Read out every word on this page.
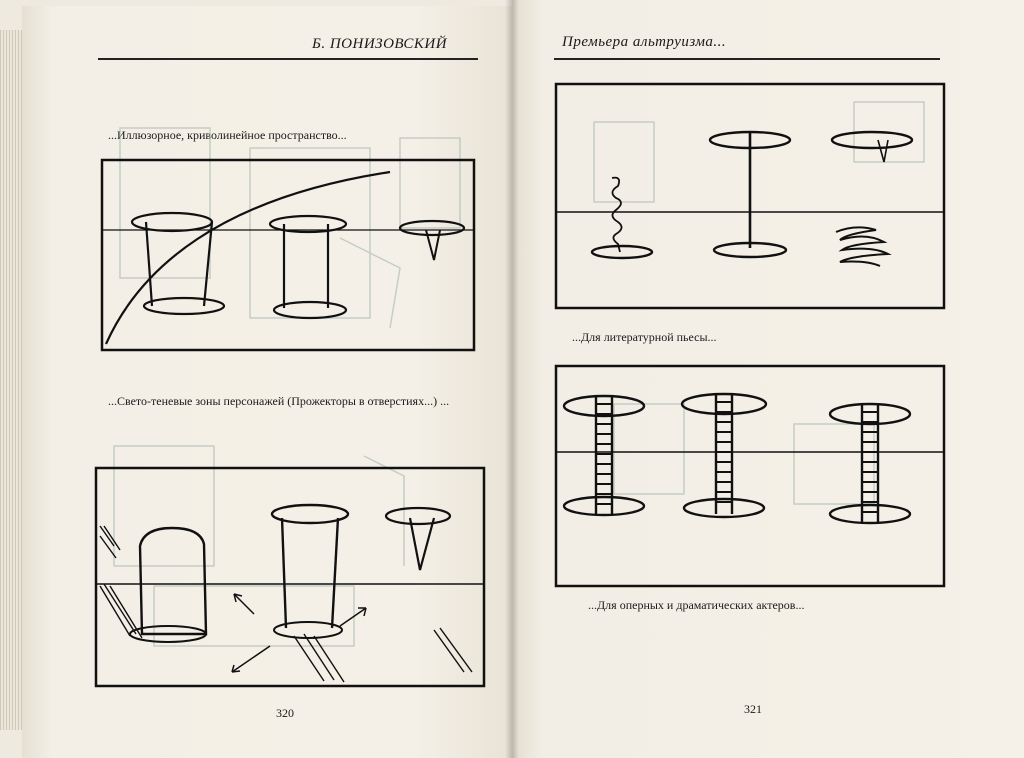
Б. ПОНИЗОВСКИЙ
...Иллюзорное, криволинейное пространство...
...Свето-теневые зоны персонажей (Прожекторы в отверстиях...) ...
320
Премьера альтруизма...
...Для литературной пьесы...
...Для оперных и драматических актеров...
321
